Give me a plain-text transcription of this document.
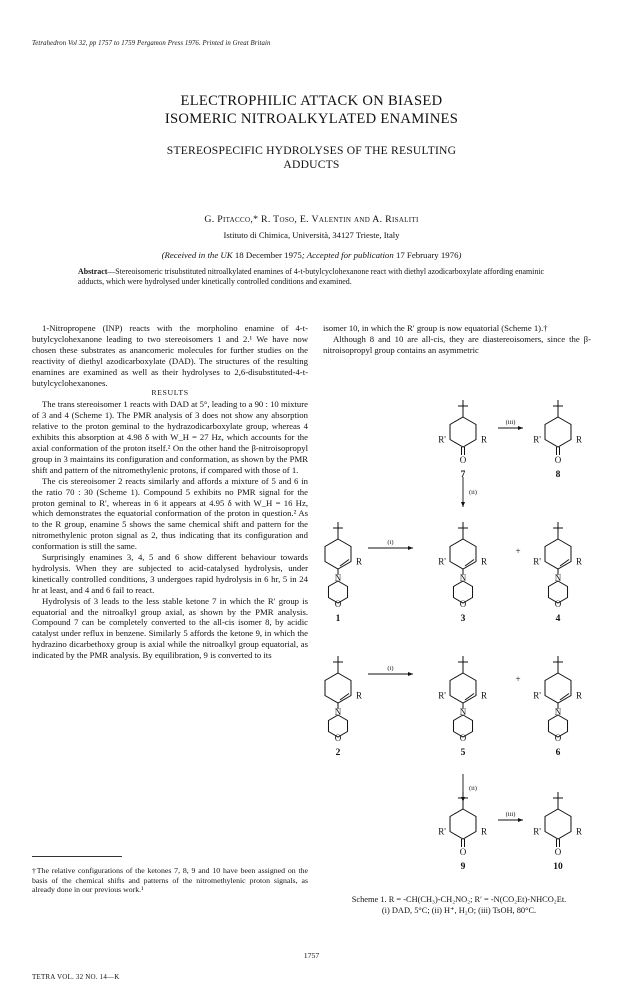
Tetrahedron Vol 32, pp 1757 to 1759 Pergamon Press 1976. Printed in Great Britain
ELECTROPHILIC ATTACK ON BIASED
ISOMERIC NITROALKYLATED ENAMINES
STEREOSPECIFIC HYDROLYSES OF THE RESULTING
ADDUCTS
G. Pitacco,* R. Toso, E. Valentin and A. Risaliti
Istituto di Chimica, Università, 34127 Trieste, Italy
(Received in the UK 18 December 1975; Accepted for publication 17 February 1976)
Abstract—Stereoisomeric trisubstituted nitroalkylated enamines of 4-t-butylcyclohexanone react with diethyl azodicarboxylate affording enaminic adducts, which were hydrolysed under kinetically controlled conditions and examined.

1-Nitropropene (INP) reacts with the morpholino enamine of 4-t-butylcyclohexanone leading to two stereoisomers 1 and 2.¹ We have now chosen these substrates as anancomeric molecules for further studies on the reactivity of diethyl azodicarboxylate (DAD). The structures of the resulting enamines are examined as well as their hydrolyses to 2,6-disubstituted-4-t-butylcyclohexanones.

RESULTS

The trans stereoisomer 1 reacts with DAD at 5°, leading to a 90 : 10 mixture of 3 and 4 (Scheme 1). The PMR analysis of 3 does not show any absorption relative to the proton geminal to the hydrazodicarboxylate group, whereas 4 exhibits this absorption at 4.98 δ with W_H = 27 Hz, which accounts for the axial conformation of the proton itself.² On the other hand the β-nitroisopropyl group in 3 maintains its configuration and conformation, as shown by the PMR shift and pattern of the nitromethylenic protons, if compared with those of 1.

The cis stereoisomer 2 reacts similarly and affords a mixture of 5 and 6 in the ratio 70 : 30 (Scheme 1). Compound 5 exhibits no PMR signal for the proton geminal to R′, whereas in 6 it appears at 4.95 δ with W_H = 16 Hz, which demonstrates the equatorial conformation of the proton in question.² As to the R group, enamine 5 shows the same chemical shift and pattern for the nitromethylenic proton signal as 2, thus indicating that its configuration and conformation is still the same.

Surprisingly enamines 3, 4, 5 and 6 show different behaviour towards hydrolysis. When they are subjected to acid-catalysed hydrolysis, under kinetically controlled conditions, 3 undergoes rapid hydrolysis in 6 hr, 5 in 24 hr at least, and 4 and 6 fail to react.

Hydrolysis of 3 leads to the less stable ketone 7 in which the R′ group is equatorial and the nitroalkyl group axial, as shown by the PMR analysis. Compound 7 can be completely converted to the all-cis isomer 8, by acidic catalyst under reflux in benzene. Similarly 5 affords the ketone 9, in which the hydrazino dicarbethoxy group is axial while the nitroalkyl group equatorial, as indicated by the PMR analysis. By equilibration, 9 is converted to its

isomer 10, in which the R′ group is now equatorial (Scheme 1).†

Although 8 and 10 are all-cis, they are diastereoisomers, since the β-nitroisopropyl group contains an asymmetric

O
R'	R
7
O
R'	R
8
(iii)
(ii)
N
O
R
1
(i)
N
O
R'	R
3
+
N
O
R'	R
4
N
O
R
2
(i)
N
O
R'	R
5
+
N
O
R'	R
6
(ii)
O
R'	R
9
O
R'	R
10
(iii)
†The relative configurations of the ketones 7, 8, 9 and 10 have been assigned on the basis of the chemical shifts and patterns of the nitromethylenic proton signals, as already done in our previous work.¹
Scheme 1. R = -CH(CH₃)-CH₂NO₂; R′ = -N(CO₂Et)-NHCO₂Et.
(i) DAD, 5°C; (ii) H⁺, H₂O; (iii) TsOH, 80°C.
1757
TETRA VOL. 32 NO. 14—K
